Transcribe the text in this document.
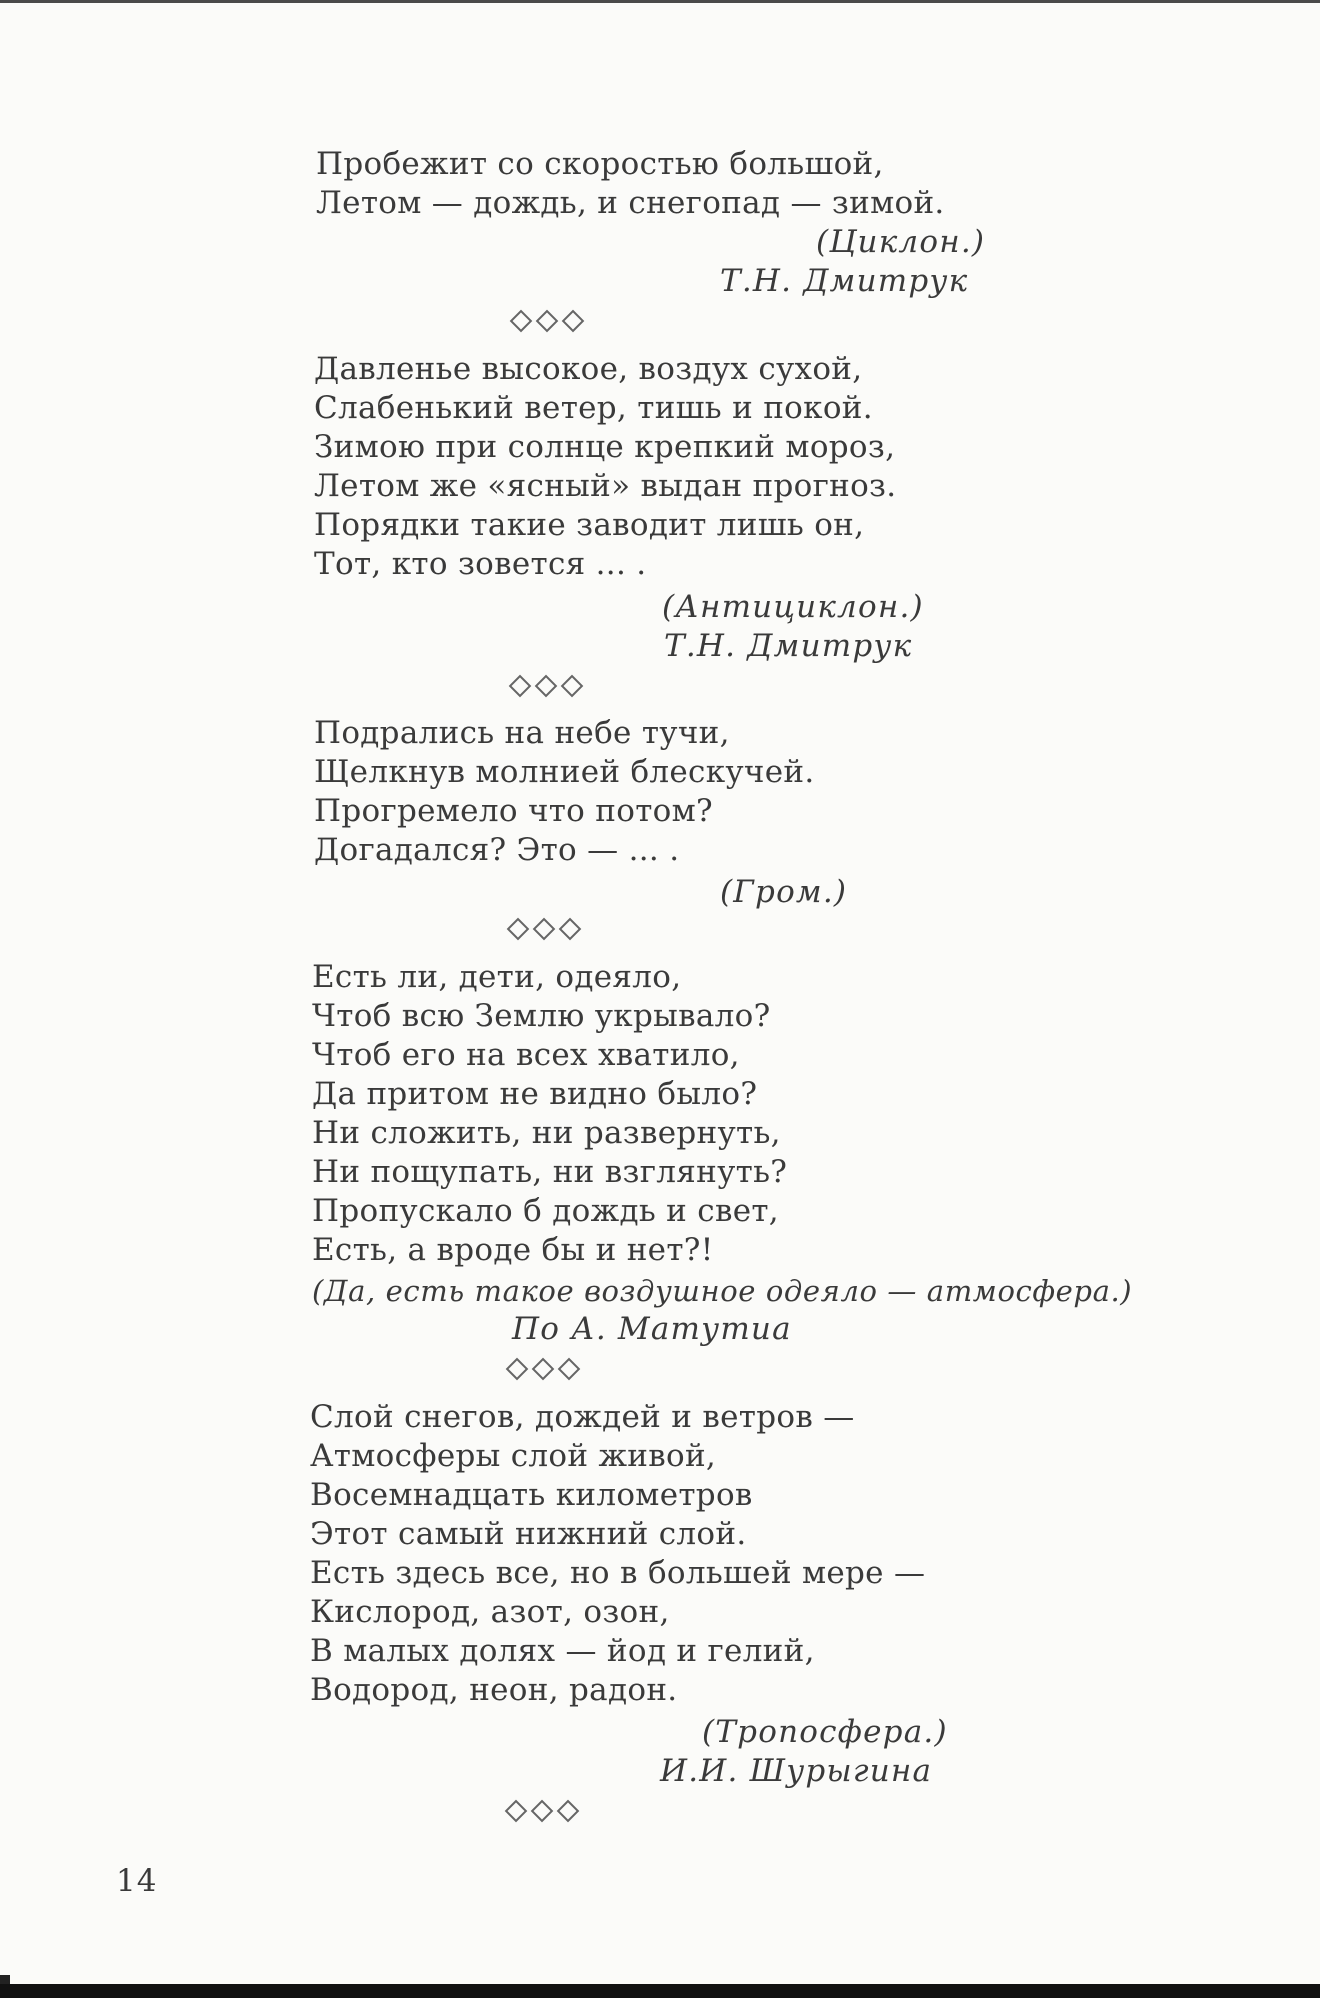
Пробежит со скоростью большой,
Летом — дождь, и снегопад — зимой.
(Циклон.)
Т.Н. Дмитрук
Давленье высокое, воздух сухой,
Слабенький ветер, тишь и покой.
Зимою при солнце крепкий мороз,
Летом же «ясный» выдан прогноз.
Порядки такие заводит лишь он,
Тот, кто зовется ... .
(Антициклон.)
Т.Н. Дмитрук
Подрались на небе тучи,
Щелкнув молнией блескучей.
Прогремело что потом?
Догадался? Это — ... .
(Гром.)
Есть ли, дети, одеяло,
Чтоб всю Землю укрывало?
Чтоб его на всех хватило,
Да притом не видно было?
Ни сложить, ни развернуть,
Ни пощупать, ни взглянуть?
Пропускало б дождь и свет,
Есть, а вроде бы и нет?!
(Да, есть такое воздушное одеяло — атмосфера.)
По А. Матутиа
Слой снегов, дождей и ветров —
Атмосферы слой живой,
Восемнадцать километров
Этот самый нижний слой.
Есть здесь все, но в большей мере —
Кислород, азот, озон,
В малых долях — йод и гелий,
Водород, неон, радон.
(Тропосфера.)
И.И. Шурыгина
14
